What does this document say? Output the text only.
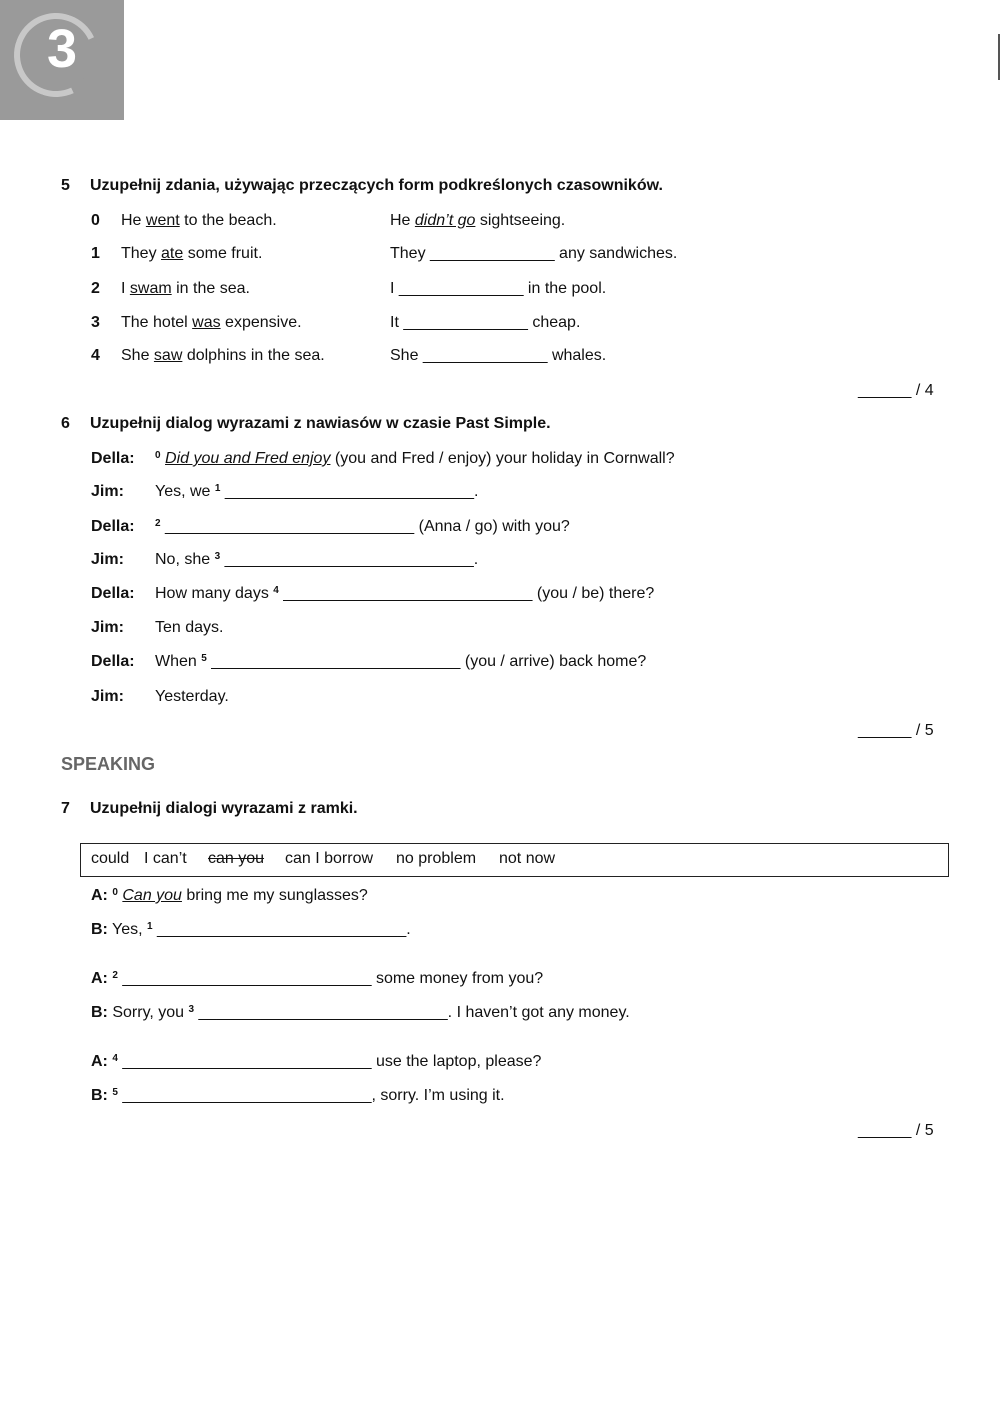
3
5 Uzupełnij zdania, używając przeczących form podkreślonych czasowników.
0 He went to the beach.	He didn’t go sightseeing.
1 They ate some fruit.	They ______________ any sandwiches.
2 I swam in the sea.	I ______________ in the pool.
3 The hotel was expensive.	It ______________ cheap.
4 She saw dolphins in the sea.	She ______________ whales.
______ / 4
6 Uzupełnij dialog wyrazami z nawiasów w czasie Past Simple.
Della: $^0$ Did you and Fred enjoy (you and Fred / enjoy) your holiday in Cornwall?
Jim: Yes, we $^1$ ____________________________.
Della: $^2$ ____________________________ (Anna / go) with you?
Jim: No, she $^3$ ____________________________.
Della: How many days $^4$ ____________________________ (you / be) there?
Jim: Ten days.
Della: When $^5$ ____________________________ (you / arrive) back home?
Jim: Yesterday.
______ / 5
SPEAKING
7 Uzupełnij dialogi wyrazami z ramki.
could I can’t can you can I borrow no problem not now
A: $^0$ Can you bring me my sunglasses?
B: Yes, $^1$ ____________________________.
A: $^2$ ____________________________ some money from you?
B: Sorry, you $^3$ ____________________________. I haven’t got any money.
A: $^4$ ____________________________ use the laptop, please?
B: $^5$ ____________________________, sorry. I’m using it.
______ / 5
